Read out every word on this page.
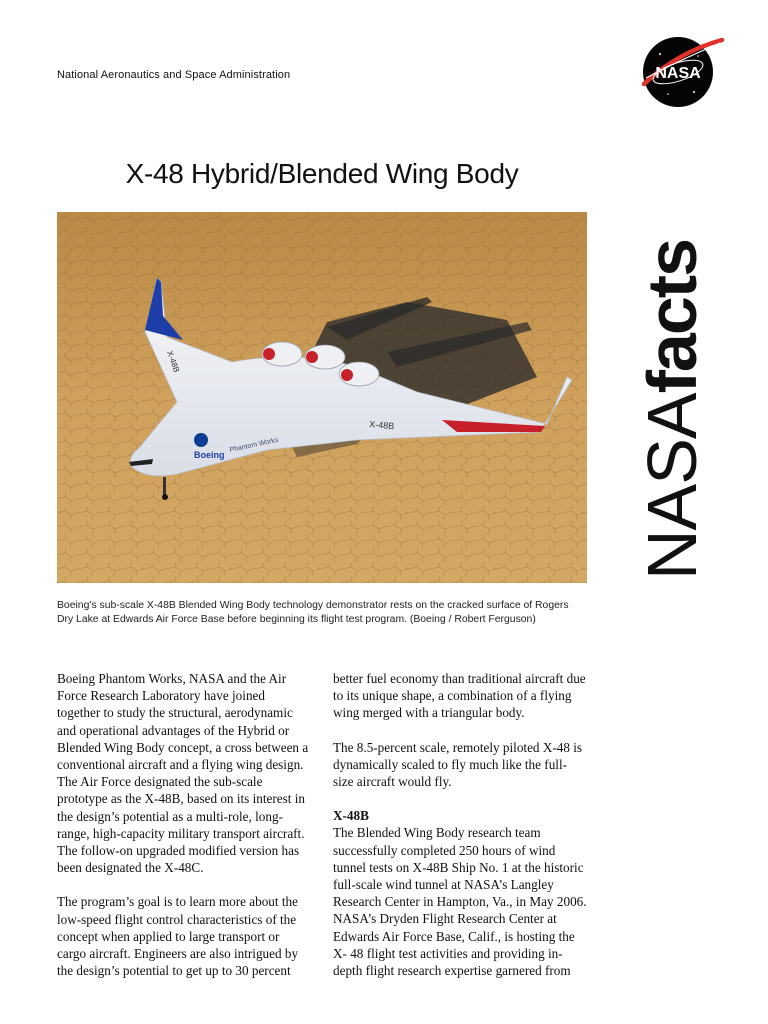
National Aeronautics and Space Administration	NASA
NASAfacts
X-48 Hybrid/Blended Wing Body
Boeing
Phantom Works
X-48B
X-48B
Boeing’s sub-scale X-48B Blended Wing Body technology demonstrator rests on the cracked surface of Rogers Dry Lake at Edwards Air Force Base before beginning its flight test program. (Boeing / Robert Ferguson)

Boeing Phantom Works, NASA and the Air Force Research Laboratory have joined together to study the structural, aerodynamic and operational advantages of the Hybrid or Blended Wing Body concept, a cross between a conventional aircraft and a flying wing design. The Air Force designated the sub-scale prototype as the X-48B, based on its interest in the design’s potential as a multi-role, long-range, high-capacity military transport aircraft. The follow-on upgraded modified version has been designated the X-48C.

The program’s goal is to learn more about the low-speed flight control characteristics of the concept when applied to large transport or cargo aircraft. Engineers are also intrigued by the design’s potential to get up to 30 percent

better fuel economy than traditional aircraft due to its unique shape, a combination of a flying wing merged with a triangular body.

The 8.5-percent scale, remotely piloted X-48 is dynamically scaled to fly much like the full-size aircraft would fly.

X-48B

The Blended Wing Body research team successfully completed 250 hours of wind tunnel tests on X-48B Ship No. 1 at the historic full-scale wind tunnel at NASA’s Langley Research Center in Hampton, Va., in May 2006. NASA’s Dryden Flight Research Center at Edwards Air Force Base, Calif., is hosting the X- 48 flight test activities and providing in-depth flight research expertise garnered from
